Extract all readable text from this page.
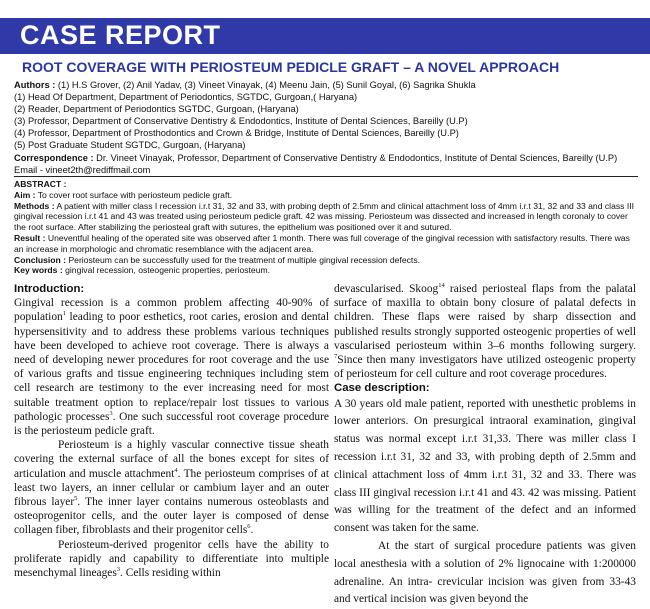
CASE REPORT
ROOT COVERAGE WITH PERIOSTEUM PEDICLE GRAFT – A NOVEL APPROACH
Authors : (1) H.S Grover, (2) Anil Yadav, (3) Vineet Vinayak, (4) Meenu Jain, (5) Sunil Goyal, (6) Sagrika Shukla
(1) Head Of Department, Department of Periodontics, SGTDC, Gurgoan,( Haryana)
(2) Reader, Department of Periodontics SGTDC, Gurgoan, (Haryana)
(3) Professor, Department of Conservative Dentistry & Endodontics, Institute of Dental Sciences, Bareilly (U.P)
(4) Professor, Department of Prosthodontics and Crown & Bridge, Institute of Dental Sciences, Bareilly (U.P)
(5) Post Graduate Student SGTDC, Gurgoan, (Haryana)
Correspondence : Dr. Vineet Vinayak, Professor, Department of Conservative Dentistry & Endodontics, Institute of Dental Sciences, Bareilly (U.P)
Email - vineet2th@rediffmail.com

ABSTRACT :

Aim : To cover root surface with periosteum pedicle graft.

Methods : A patient with miller class I recession i.r.t 31, 32 and 33, with probing depth of 2.5mm and clinical attachment loss of 4mm i.r.t 31, 32 and 33 and class III gingival recession i.r.t 41 and 43 was treated using periosteum pedicle graft. 42 was missing. Periosteum was dissected and increased in length coronaly to cover the root surface. After stabilizing the periosteal graft with sutures, the epithelium was positioned over it and sutured.

Result : Uneventful healing of the operated site was observed after 1 month. There was full coverage of the gingival recession with satisfactory results. There was an increase in morphologic and chromatic resemblance with the adjacent area.

Conclusion : Periosteum can be successfully used for the treatment of multiple gingival recession defects.

Key words : gingival recession, osteogenic properties, periosteum.

Introduction:

Gingival recession is a common problem affecting 40-90% of population$^1$ leading to poor esthetics, root caries, erosion and dental hypersensitivity and to address these problems various techniques have been developed to achieve root coverage. There is always a need of developing newer procedures for root coverage and the use of various grafts and tissue engineering techniques including stem cell research are testimony to the ever increasing need for most suitable treatment option to replace/repair lost tissues to various pathologic processes$^3$. One such successful root coverage procedure is the periosteum pedicle graft.

Periosteum is a highly vascular connective tissue sheath covering the external surface of all the bones except for sites of articulation and muscle attachment$^4$. The periosteum comprises of at least two layers, an inner cellular or cambium layer and an outer fibrous layer$^5$. The inner layer contains numerous osteoblasts and osteoprogenitor cells, and the outer layer is composed of dense collagen fiber, fibroblasts and their progenitor cells$^6$.

Periosteum-derived progenitor cells have the ability to proliferate rapidly and capability to differentiate into multiple mesenchymal lineages$^3$. Cells residing within

devascularised. Skoog$^{14}$ raised periosteal flaps from the palatal surface of maxilla to obtain bony closure of palatal defects in children. These flaps were raised by sharp dissection and published results strongly supported osteogenic properties of well vascularised periosteum within 3–6 months following surgery. $^7$Since then many investigators have utilized osteogenic property of periosteum for cell culture and root coverage procedures.

Case description:

A 30 years old male patient, reported with unesthetic problems in lower anteriors. On presurgical intraoral examination, gingival status was normal except i.r.t 31,33. There was miller class I recession i.r.t 31, 32 and 33, with probing depth of 2.5mm and clinical attachment loss of 4mm i.r.t 31, 32 and 33. There was class III gingival recession i.r.t 41 and 43. 42 was missing. Patient was willing for the treatment of the defect and an informed consent was taken for the same.

At the start of surgical procedure patients was given local anesthesia with a solution of 2% lignocaine with 1:200000 adrenaline. An intra- crevicular incision was given from 33-43 and vertical incision was given beyond the
